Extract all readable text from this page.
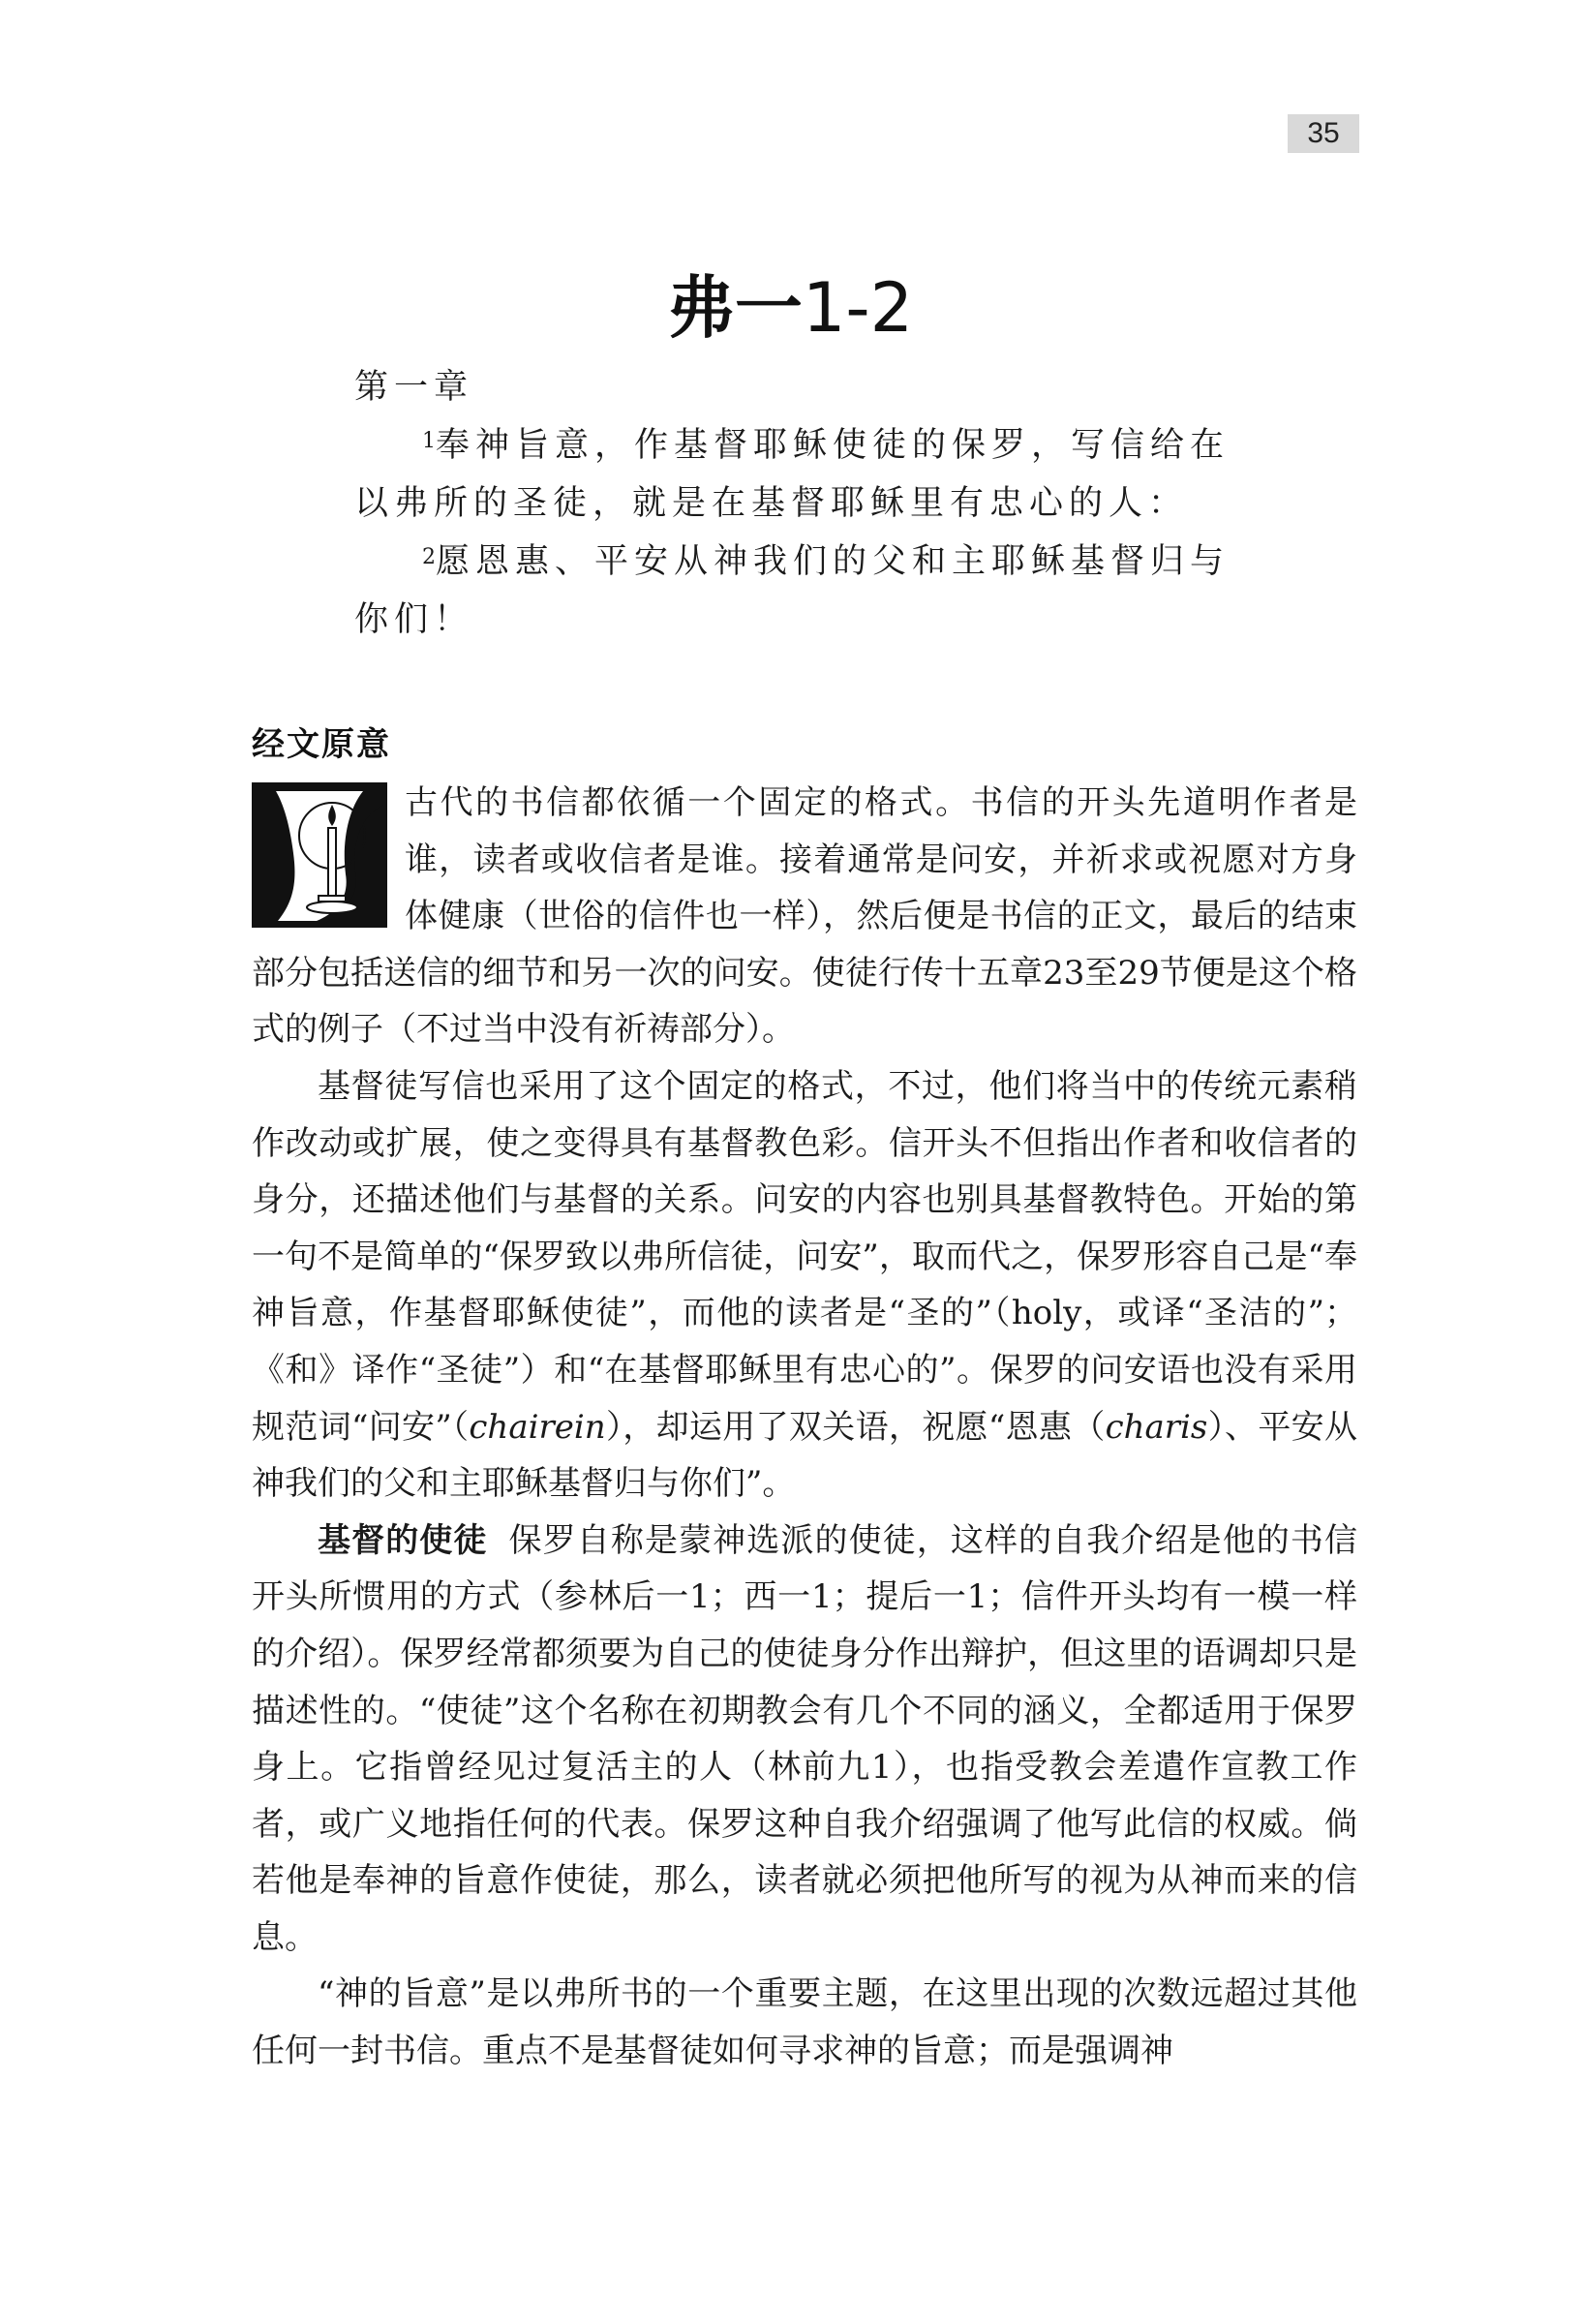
35
弗一1-2

第一章

$^1$奉神旨意，作基督耶稣使徒的保罗，写信给在以弗所的圣徒，就是在基督耶稣里有忠心的人：

$^2$愿恩惠、平安从神我们的父和主耶稣基督归与你们！

经文原意

古代的书信都依循一个固定的格式。书信的开头先道明作者是谁，读者或收信者是谁。接着通常是问安，并祈求或祝愿对方身体健康（世俗的信件也一样），然后便是书信的正文，最后的结束部分包括送信的细节和另一次的问安。使徒行传十五章23至29节便是这个格式的例子（不过当中没有祈祷部分）。

基督徒写信也采用了这个固定的格式，不过，他们将当中的传统元素稍作改动或扩展，使之变得具有基督教色彩。信开头不但指出作者和收信者的身分，还描述他们与基督的关系。问安的内容也别具基督教特色。开始的第一句不是简单的“保罗致以弗所信徒，问安”，取而代之，保罗形容自己是“奉神旨意，作基督耶稣使徒”，而他的读者是“圣的”（holy，或译“圣洁的”；《和》译作“圣徒”）和“在基督耶稣里有忠心的”。保罗的问安语也没有采用规范词“问安”（chairein），却运用了双关语，祝愿“恩惠（charis）、平安从神我们的父和主耶稣基督归与你们”。

基督的使徒 保罗自称是蒙神选派的使徒，这样的自我介绍是他的书信开头所惯用的方式（参林后一1；西一1；提后一1；信件开头均有一模一样的介绍）。保罗经常都须要为自己的使徒身分作出辩护，但这里的语调却只是描述性的。“使徒”这个名称在初期教会有几个不同的涵义，全都适用于保罗身上。它指曾经见过复活主的人（林前九1），也指受教会差遣作宣教工作者，或广义地指任何的代表。保罗这种自我介绍强调了他写此信的权威。倘若他是奉神的旨意作使徒，那么，读者就必须把他所写的视为从神而来的信息。

“神的旨意”是以弗所书的一个重要主题，在这里出现的次数远超过其他任何一封书信。重点不是基督徒如何寻求神的旨意；而是强调神
